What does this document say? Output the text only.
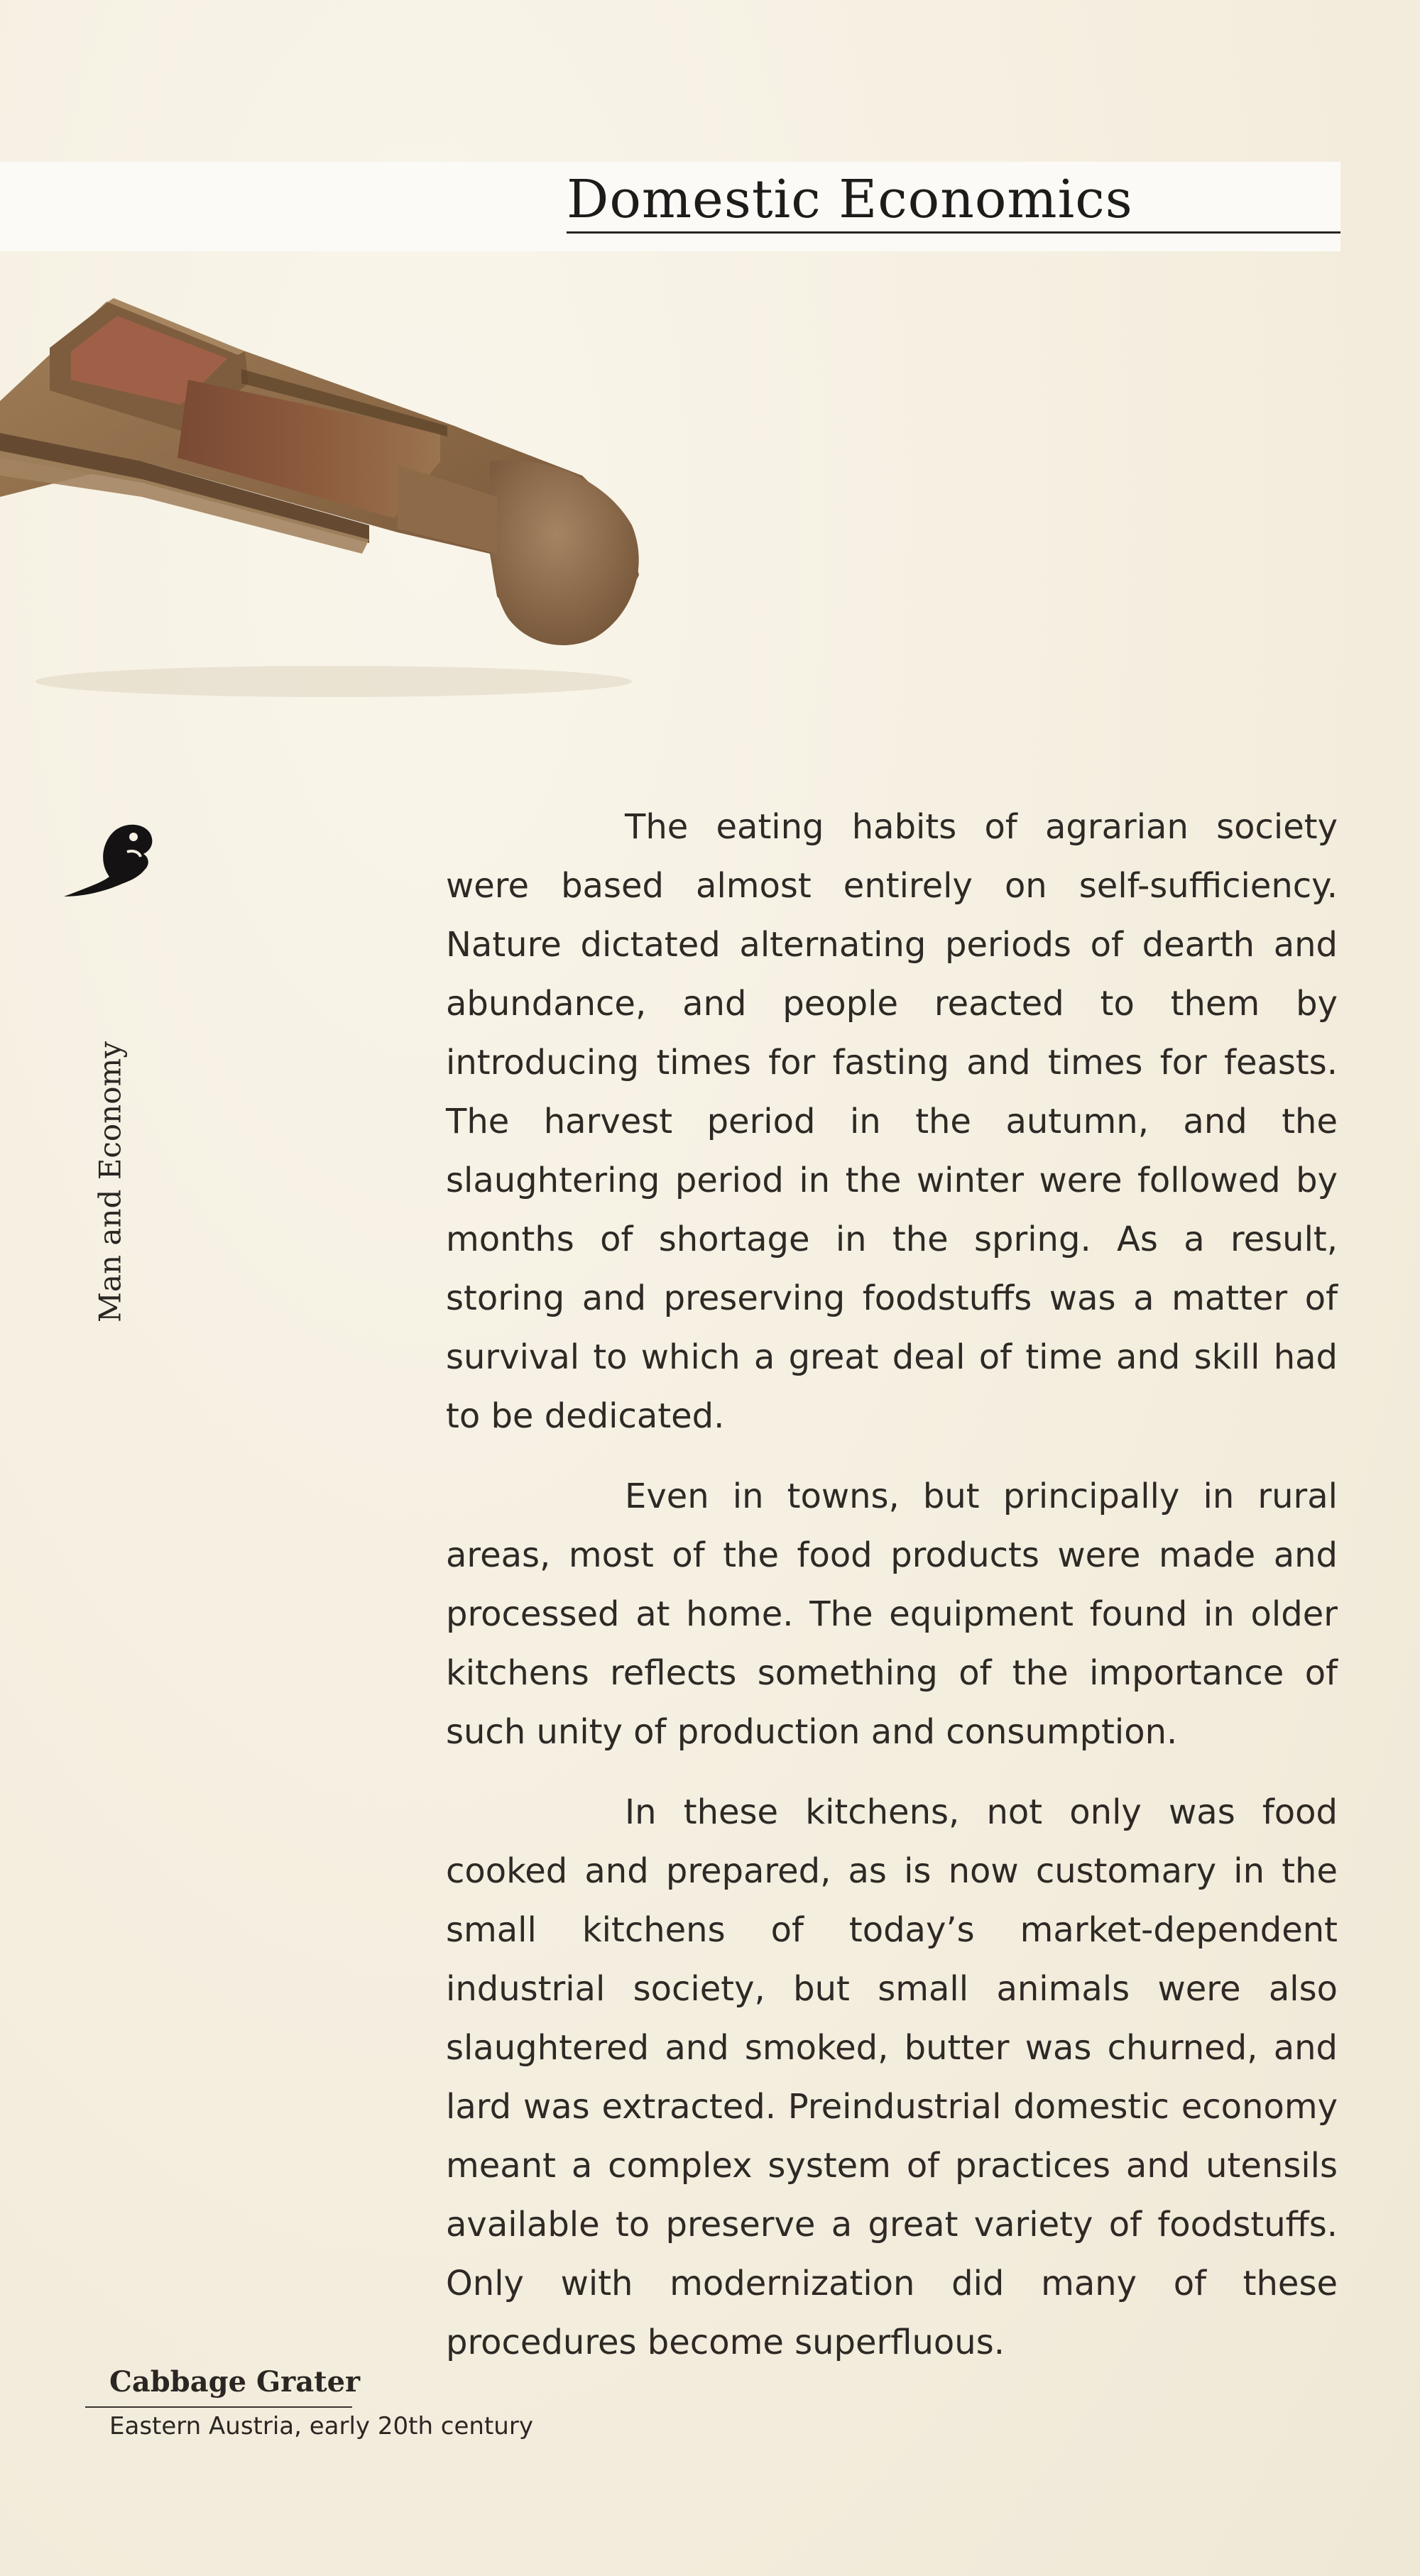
Domestic Economics
Man and Economy

The eating habits of agrarian society were based almost entirely on self-sufficiency. Nature dictated alternating periods of dearth and abundance, and people reacted to them by introducing times for fasting and times for feasts. The harvest period in the autumn, and the slaughtering period in the winter were followed by months of shortage in the spring. As a result, storing and preserving foodstuffs was a matter of survival to which a great deal of time and skill had to be dedicated.

Even in towns, but principally in rural areas, most of the food products were made and processed at home. The equipment found in older kitchens reflects something of the importance of such unity of production and consumption.

In these kitchens, not only was food cooked and prepared, as is now customary in the small kitchens of today’s market-dependent industrial society, but small animals were also slaughtered and smoked, butter was churned, and lard was extracted. Preindustrial domestic economy meant a complex system of practices and utensils available to preserve a great variety of foodstuffs. Only with modernization did many of these procedures become superfluous.

Cabbage Grater
Eastern Austria, early 20th century
